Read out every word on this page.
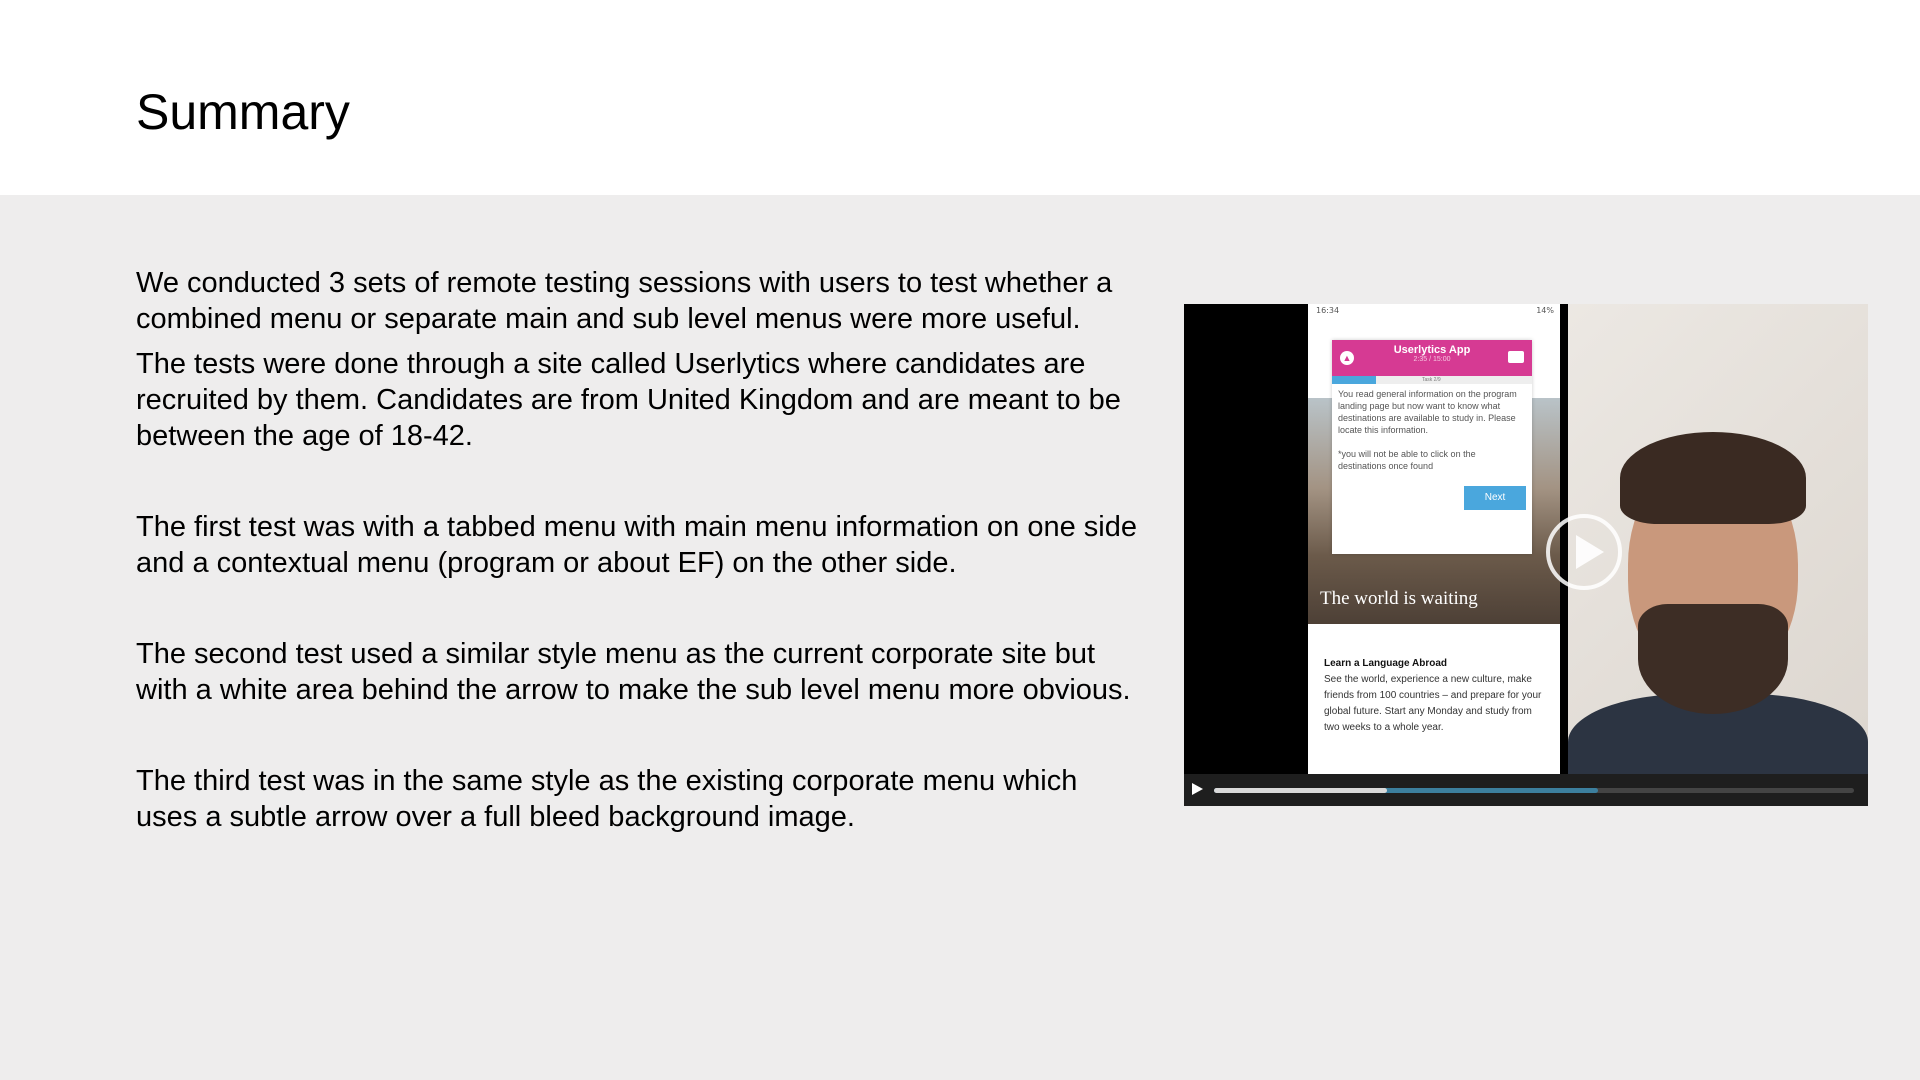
Summary

We conducted 3 sets of remote testing sessions with users to test whether a combined menu or separate main and sub level menus were more useful.

The tests were done through a site called Userlytics where candidates are recruited by them. Candidates are from United Kingdom and are meant to be between the age of 18-42.

The first test was with a tabbed menu with main menu information on one side and a contextual menu (program or about EF) on the other side.

The second test used a similar style menu as the current corporate site but with a white area behind the arrow to make the sub level menu more obvious.

The third test was in the same style as the existing corporate menu which uses a subtle arrow over a full bleed background image.

16:34	14%
The world is waiting
▲
Userlytics App
2:35 / 15:00
Task 2/9
You read general information on the program landing page but now want to know what destinations are available to study in. Please locate this information.
*you will not be able to click on the destinations once found
Next
Learn a Language Abroad
See the world, experience a new culture, make friends from 100 countries – and prepare for your global future. Start any Monday and study from two weeks to a whole year.
